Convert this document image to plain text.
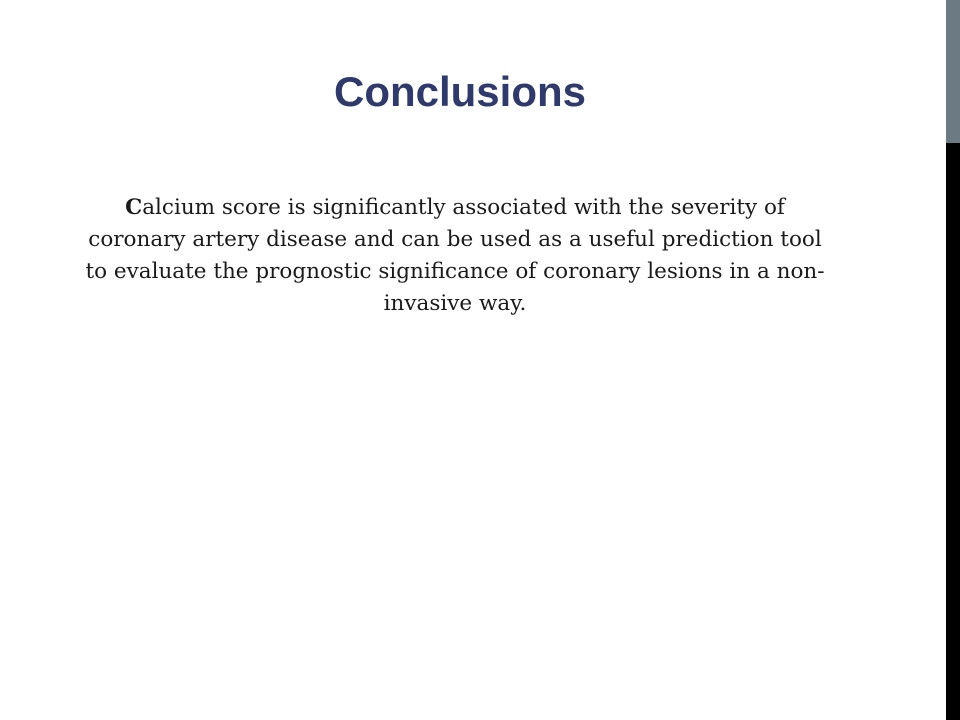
Conclusions

Calcium score is significantly associated with the severity of coronary artery disease and can be used as a useful prediction tool to evaluate the prognostic significance of coronary lesions in a non-invasive way.
